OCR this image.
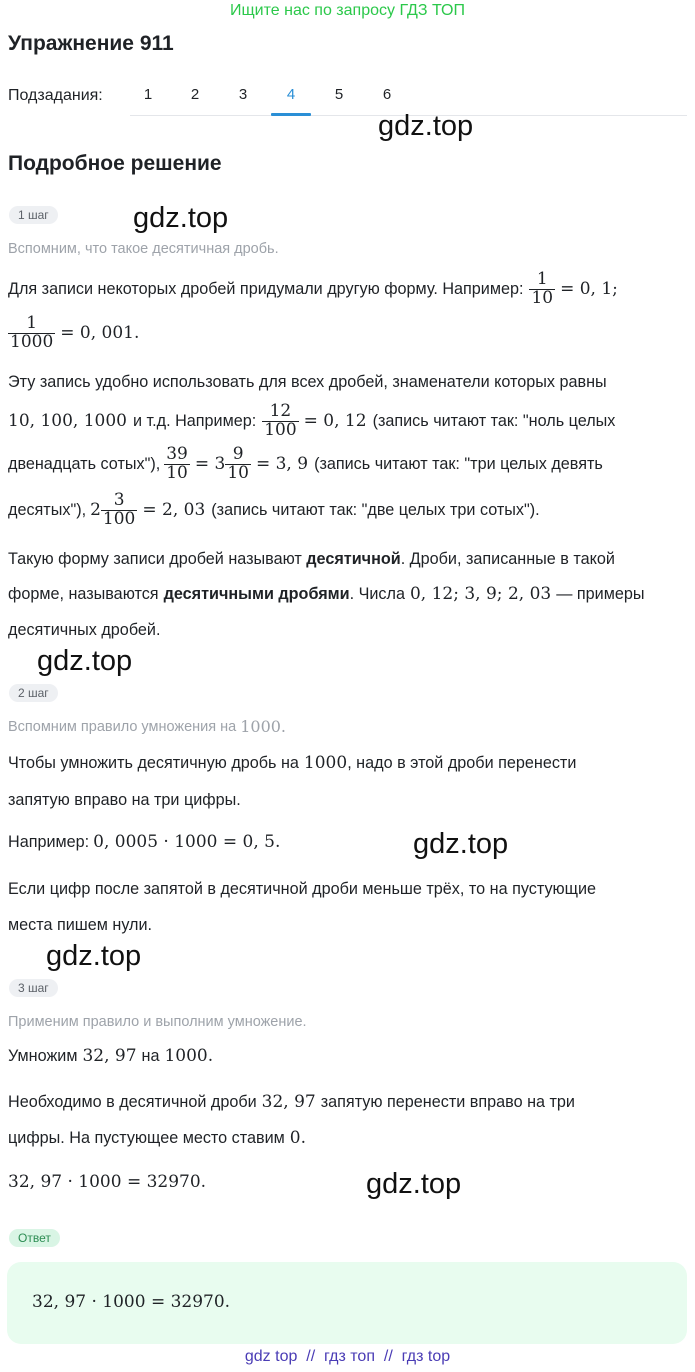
Ищите нас по запросу ГДЗ ТОП
Упражнение 911
Подзадания:	1	2	3	4	5	6
gdz.top
Подробное решение
1 шаг	gdz.top
Вспомним, что такое десятичная дробь.
Для записи некоторых дробей придумали другую форму. Например: $\frac{1}{10} = 0$, 1;
$\frac{1}{1000} = 0$, 001.
Эту запись удобно использовать для всех дробей, знаменатели которых равны
10, 100, 1000 и т.д. Например: $\frac{12}{100} = 0$, 12 (запись читают так: "ноль целых
двенадцать сотых"), $\frac{39}{10} = 3 \frac{9}{10} = 3$, 9 (запись читают так: "три целых девять
десятых"), $2 \frac{3}{100} = 2$, 03 (запись читают так: "две целых три сотых").
Такую форму записи дробей называют десятичной. Дроби, записанные в такой
форме, называются десятичными дробями . Числа 0, 12; 3, 9; 2, 03 — примеры
десятичных дробей.
gdz.top
2 шаг
Вспомним правило умножения на 1000.
Чтобы умножить десятичную дробь на 1000 , надо в этой дроби перенести
запятую вправо на три цифры.
Например: 0, 0005 · 1000 = 0, 5.	gdz.top
Если цифр после запятой в десятичной дроби меньше трёх, то на пустующие
места пишем нули.
gdz.top
3 шаг
Применим правило и выполним умножение.
Умножим 32, 97 на 1000.
Необходимо в десятичной дроби 32, 97 запятую перенести вправо на три
цифры. На пустующее место ставим 0.
32, 97 · 1000 = 32970.	gdz.top
Ответ
32, 97 · 1000 = 32970.
gdz top  //  гдз топ  //  гдз top
